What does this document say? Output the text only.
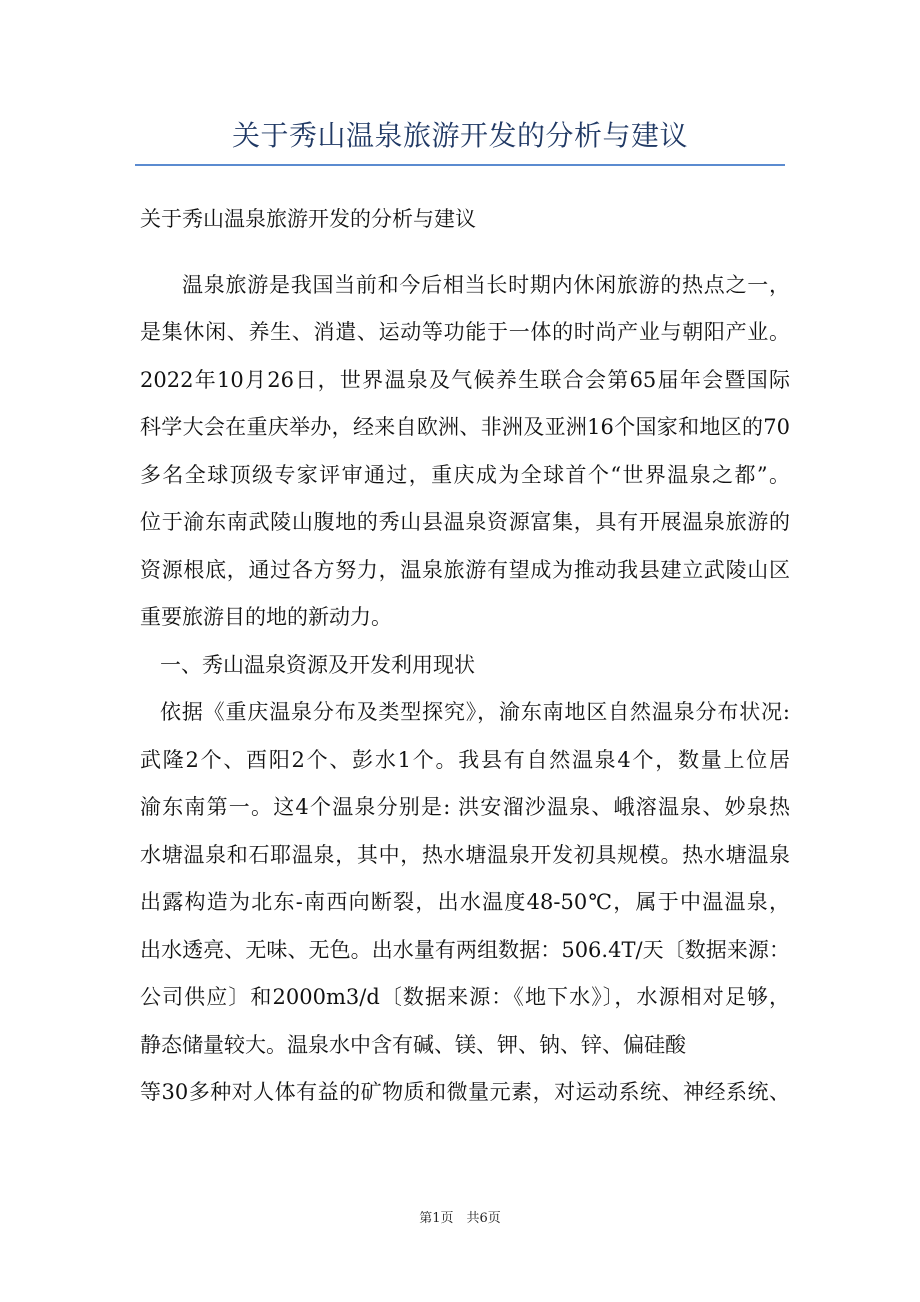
关于秀山温泉旅游开发的分析与建议
关于秀山温泉旅游开发的分析与建议
温泉旅游是我国当前和今后相当长时期内休闲旅游的热点之一，
是集休闲、养生、消遣、运动等功能于一体的时尚产业与朝阳产业。
2022年10月26日，世界温泉及气候养生联合会第65届年会暨国际
科学大会在重庆举办，经来自欧洲、非洲及亚洲16个国家和地区的70
多名全球顶级专家评审通过，重庆成为全球首个“世界温泉之都”。
位于渝东南武陵山腹地的秀山县温泉资源富集，具有开展温泉旅游的
资源根底，通过各方努力，温泉旅游有望成为推动我县建立武陵山区
重要旅游目的地的新动力。
一、秀山温泉资源及开发利用现状
依据《重庆温泉分布及类型探究》，渝东南地区自然温泉分布状况:
武隆2个、酉阳2个、彭水1个。我县有自然温泉4个，数量上位居
渝东南第一。这4个温泉分别是: 洪安溜沙温泉、峨溶温泉、妙泉热
水塘温泉和石耶温泉，其中，热水塘温泉开发初具规模。热水塘温泉
出露构造为北东-南西向断裂，出水温度48-50℃，属于中温温泉，
出水透亮、无味、无色。出水量有两组数据：506.4T/天〔数据来源：
公司供应〕和2000m3/d〔数据来源：《地下水》〕，水源相对足够，
静态储量较大。温泉水中含有碱、镁、钾、钠、锌、偏硅酸
等30多种对人体有益的矿物质和微量元素，对运动系统、神经系统、
第1页　共6页
